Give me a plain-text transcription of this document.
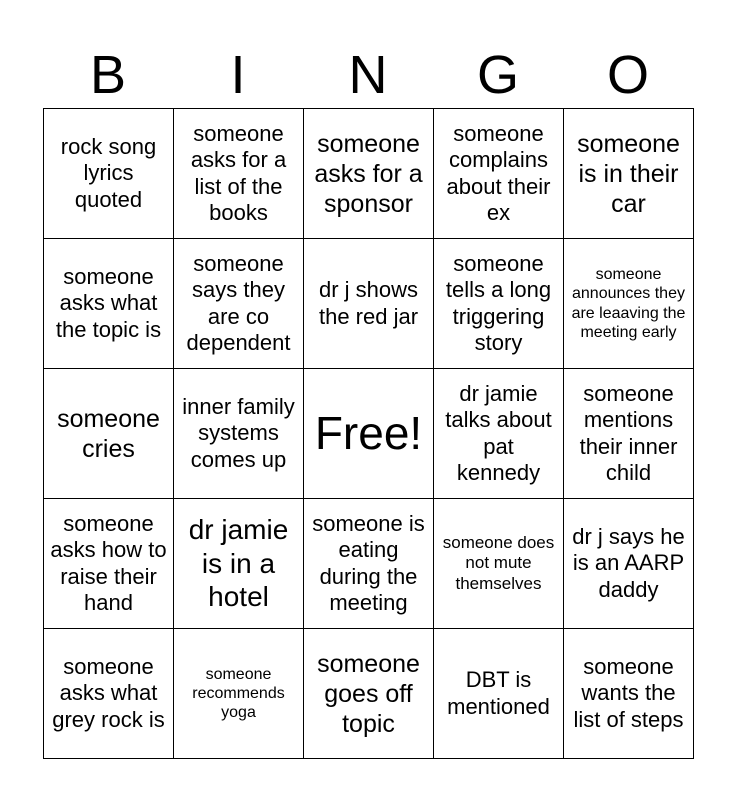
B	I	N	G	O
rock song lyrics quoted	someone asks for a list of the books	someone asks for a sponsor	someone complains about their ex	someone is in their car
someone asks what the topic is	someone says they are co dependent	dr j shows the red jar	someone tells a long triggering story	someone announces they are leaaving the meeting early
someone cries	inner family systems comes up	Free!	dr jamie talks about pat kennedy	someone mentions their inner child
someone asks how to raise their hand	dr jamie is in a hotel	someone is eating during the meeting	someone does not mute themselves	dr j says he is an AARP daddy
someone asks what grey rock is	someone recommends yoga	someone goes off topic	DBT is mentioned	someone wants the list of steps
